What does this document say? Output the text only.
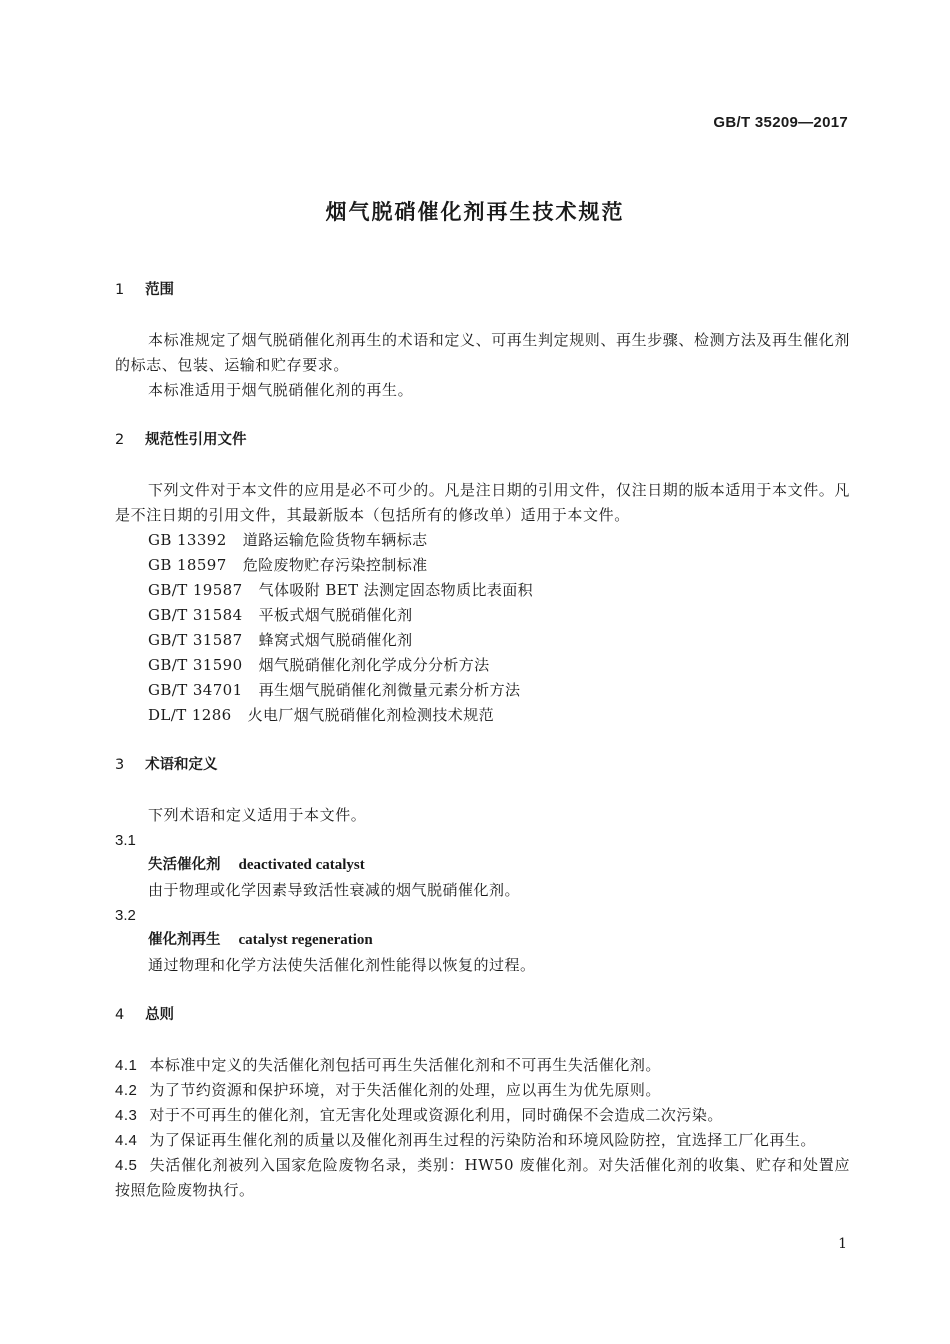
GB/T 35209—2017
烟气脱硝催化剂再生技术规范
1 范围
本标准规定了烟气脱硝催化剂再生的术语和定义、可再生判定规则、再生步骤、检测方法及再生催化剂的标志、包装、运输和贮存要求。
本标准适用于烟气脱硝催化剂的再生。
2 规范性引用文件
下列文件对于本文件的应用是必不可少的。凡是注日期的引用文件，仅注日期的版本适用于本文件。凡是不注日期的引用文件，其最新版本（包括所有的修改单）适用于本文件。
GB 13392 道路运输危险货物车辆标志
GB 18597 危险废物贮存污染控制标准
GB/T 19587 气体吸附 BET 法测定固态物质比表面积
GB/T 31584 平板式烟气脱硝催化剂
GB/T 31587 蜂窝式烟气脱硝催化剂
GB/T 31590 烟气脱硝催化剂化学成分分析方法
GB/T 34701 再生烟气脱硝催化剂微量元素分析方法
DL/T 1286 火电厂烟气脱硝催化剂检测技术规范
3 术语和定义
下列术语和定义适用于本文件。
3.1
失活催化剂 deactivated catalyst
由于物理或化学因素导致活性衰减的烟气脱硝催化剂。
3.2
催化剂再生 catalyst regeneration
通过物理和化学方法使失活催化剂性能得以恢复的过程。
4 总则
4.1 本标准中定义的失活催化剂包括可再生失活催化剂和不可再生失活催化剂。
4.2 为了节约资源和保护环境，对于失活催化剂的处理，应以再生为优先原则。
4.3 对于不可再生的催化剂，宜无害化处理或资源化利用，同时确保不会造成二次污染。
4.4 为了保证再生催化剂的质量以及催化剂再生过程的污染防治和环境风险防控，宜选择工厂化再生。
4.5 失活催化剂被列入国家危险废物名录，类别：HW50 废催化剂。对失活催化剂的收集、贮存和处置应按照危险废物执行。
1
